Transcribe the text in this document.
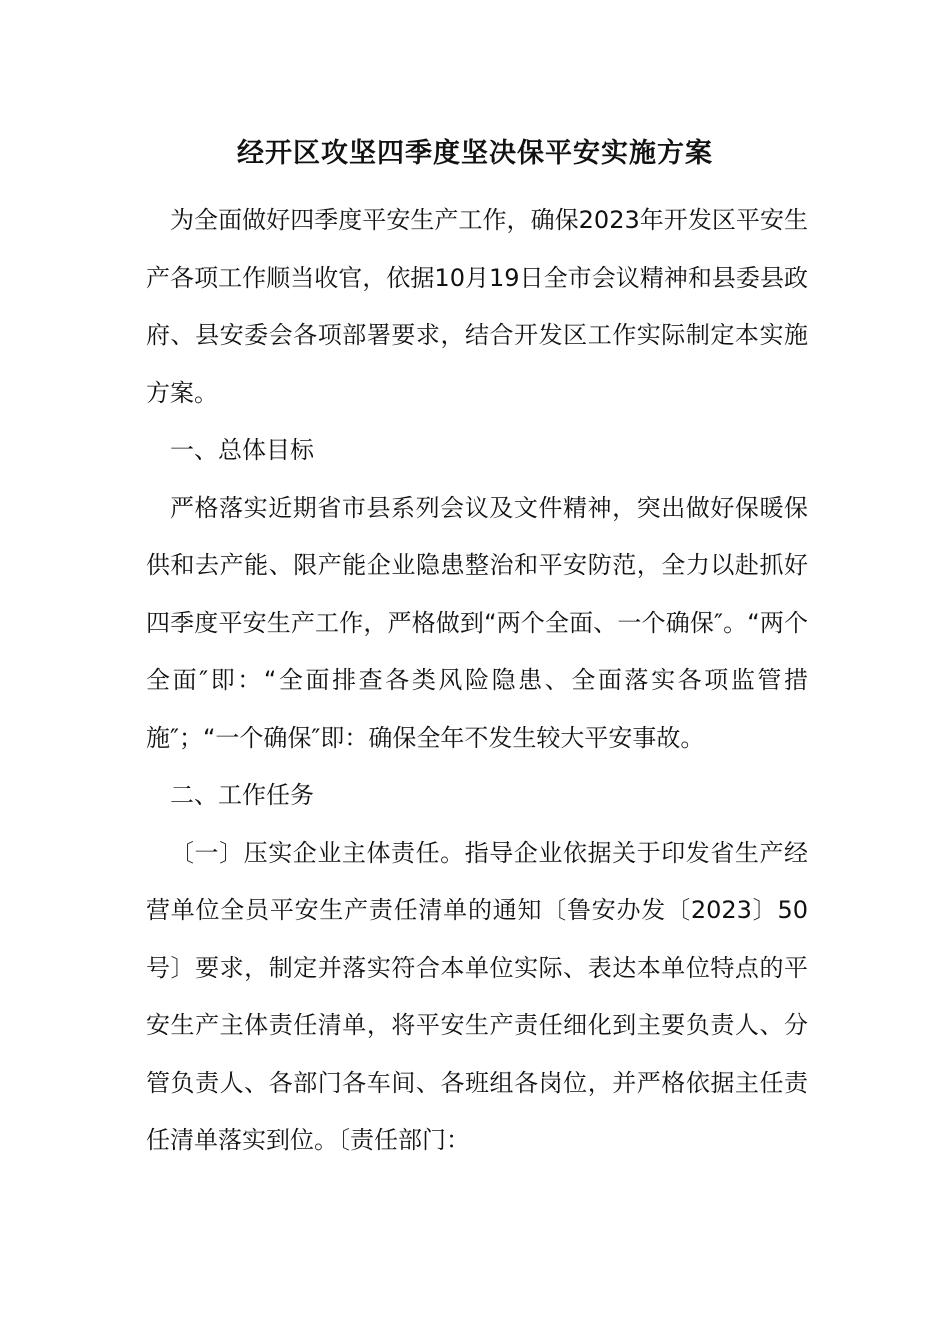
经开区攻坚四季度坚决保平安实施方案

为全面做好四季度平安生产工作，确保2023年开发区平安生产各项工作顺当收官，依据10月19日全市会议精神和县委县政府、县安委会各项部署要求，结合开发区工作实际制定本实施方案。

一、总体目标

严格落实近期省市县系列会议及文件精神，突出做好保暖保供和去产能、限产能企业隐患整治和平安防范，全力以赴抓好四季度平安生产工作，严格做到“两个全面、一个确保″。“两个全面″即：“全面排查各类风险隐患、全面落实各项监管措施″；“一个确保″即：确保全年不发生较大平安事故。

二、工作任务

〔一〕压实企业主体责任。指导企业依据关于印发省生产经营单位全员平安生产责任清单的通知〔鲁安办发〔2023〕50号〕要求，制定并落实符合本单位实际、表达本单位特点的平安生产主体责任清单，将平安生产责任细化到主要负责人、分管负责人、各部门各车间、各班组各岗位，并严格依据主任责任清单落实到位。〔责任部门：
